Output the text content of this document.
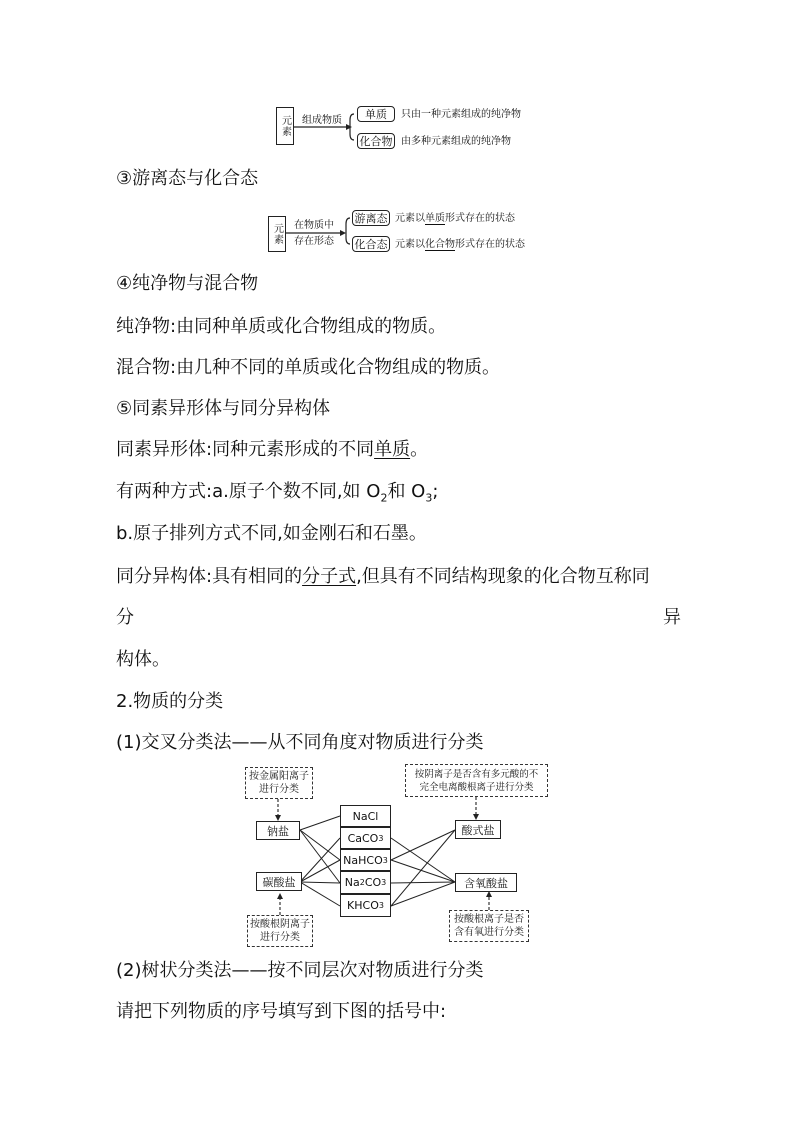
元素	组成物质	单质	只由一种元素组成的纯净物
化合物 由多种元素组成的纯净物
③游离态与化合态
元素	在物质中
存在形态
游离态 元素以单质形式存在的状态
化合态 元素以化合物形式存在的状态
④纯净物与混合物
纯净物:由同种单质或化合物组成的物质。
混合物:由几种不同的单质或化合物组成的物质。
⑤同素异形体与同分异构体
同素异形体:同种元素形成的不同单质。
有两种方式:a.原子个数不同,如 $O_2$和 $O_3$;
b.原子排列方式不同,如金刚石和石墨。
同分异构体:具有相同的分子式,但具有不同结构现象的化合物互称同
分	异
构体。
2.物质的分类
(1)交叉分类法——从不同角度对物质进行分类
按金属阳离子
进行分类
按酸根阴离子
进行分类
按阴离子是否含有多元酸的不
完全电离酸根离子进行分类
按酸根离子是否
含有氧进行分类
钠盐
碳酸盐
酸式盐
含氧酸盐
NaCl
CaCO 3
NaHCO 3
Na 2 CO 3
KHCO 3
(2)树状分类法——按不同层次对物质进行分类
请把下列物质的序号填写到下图的括号中:
